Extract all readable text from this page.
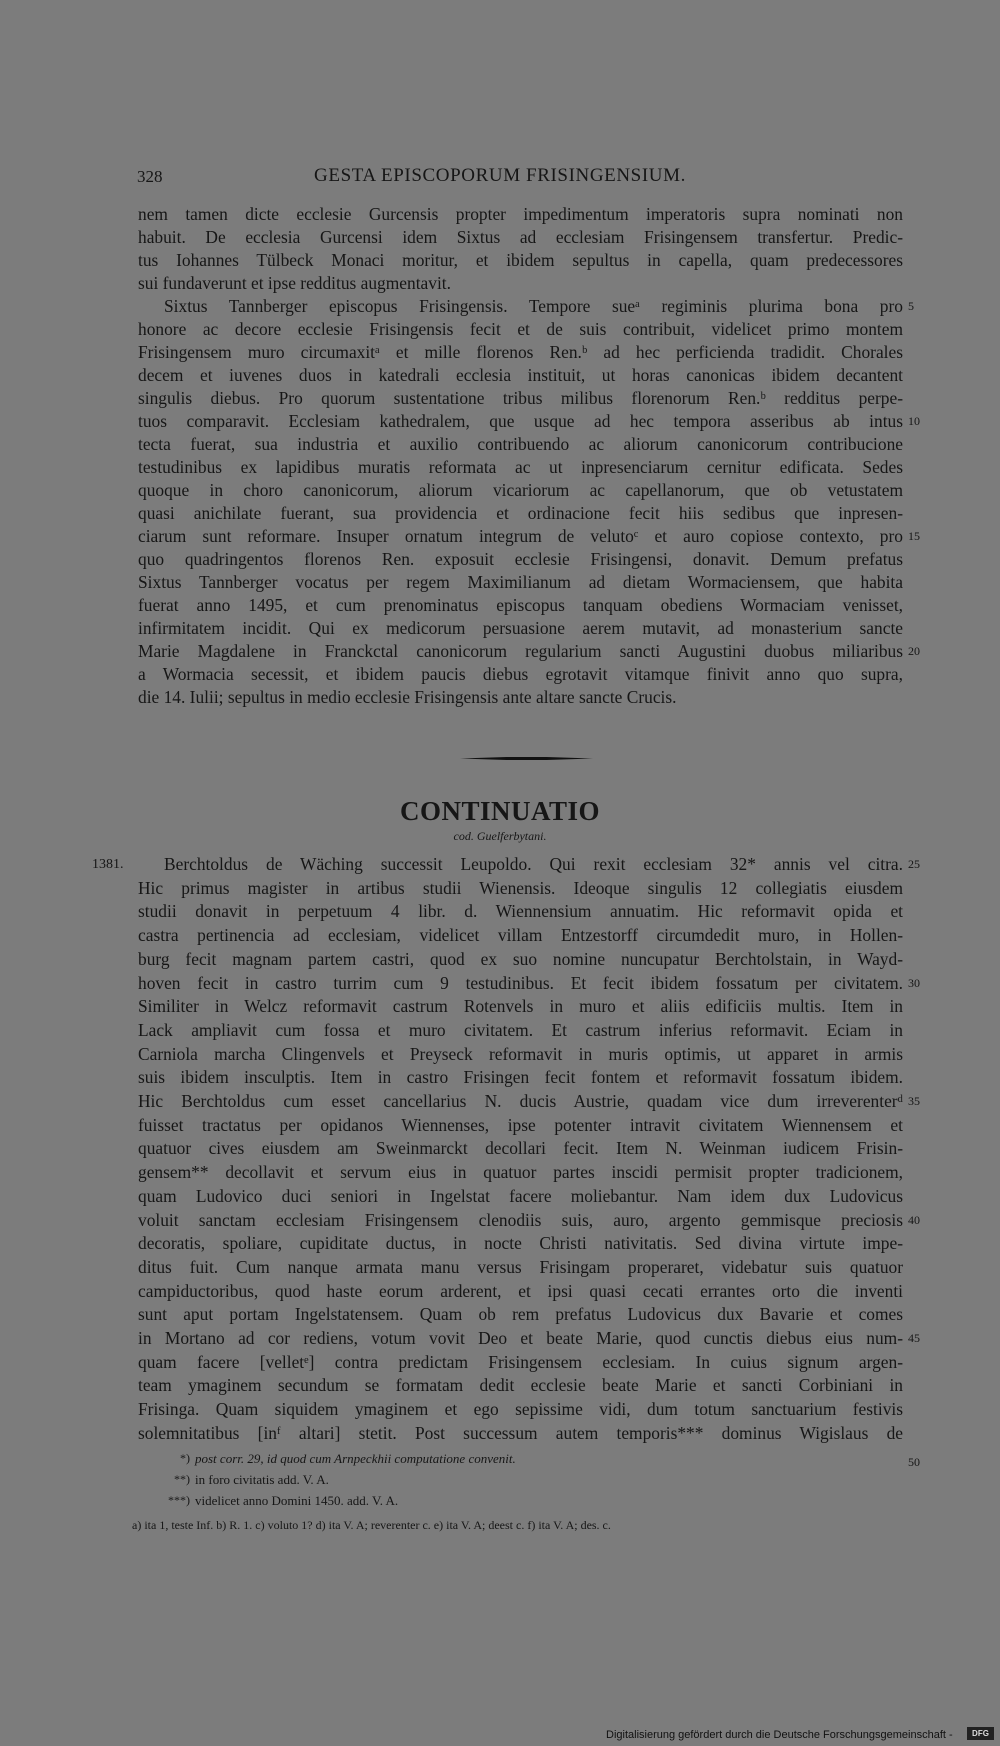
328	GESTA EPISCOPORUM FRISINGENSIUM.
nem tamen dicte ecclesie Gurcensis propter impedimentum imperatoris supra nominati non
habuit. De ecclesia Gurcensi idem Sixtus ad ecclesiam Frisingensem transfertur. Predic-
tus Iohannes Tülbeck Monaci moritur, et ibidem sepultus in capella, quam predecessores
sui fundaverunt et ipse redditus augmentavit.
Sixtus Tannberger episcopus Frisingensis. Tempore sueᵃ regiminis plurima bona pro
honore ac decore ecclesie Frisingensis fecit et de suis contribuit, videlicet primo montem
Frisingensem muro circumaxitᵃ et mille florenos Ren.ᵇ ad hec perficienda tradidit. Chorales
decem et iuvenes duos in katedrali ecclesia instituit, ut horas canonicas ibidem decantent
singulis diebus. Pro quorum sustentatione tribus milibus florenorum Ren.ᵇ redditus perpe-
tuos comparavit. Ecclesiam kathedralem, que usque ad hec tempora asseribus ab intus
tecta fuerat, sua industria et auxilio contribuendo ac aliorum canonicorum contribucione
testudinibus ex lapidibus muratis reformata ac ut inpresenciarum cernitur edificata. Sedes
quoque in choro canonicorum, aliorum vicariorum ac capellanorum, que ob vetustatem
quasi anichilate fuerant, sua providencia et ordinacione fecit hiis sedibus que inpresen-
ciarum sunt reformare. Insuper ornatum integrum de velutoᶜ et auro copiose contexto, pro
quo quadringentos florenos Ren. exposuit ecclesie Frisingensi, donavit. Demum prefatus
Sixtus Tannberger vocatus per regem Maximilianum ad dietam Wormaciensem, que habita
fuerat anno 1495, et cum prenominatus episcopus tanquam obediens Wormaciam venisset,
infirmitatem incidit. Qui ex medicorum persuasione aerem mutavit, ad monasterium sancte
Marie Magdalene in Franckctal canonicorum regularium sancti Augustini duobus miliaribus
a Wormacia secessit, et ibidem paucis diebus egrotavit vitamque finivit anno quo supra,
die 14. Iulii; sepultus in medio ecclesie Frisingensis ante altare sancte Crucis.
5
10
15
20
CONTINUATIO
cod. Guelferbytani.
1381. Berchtoldus de Wäching successit Leupoldo. Qui rexit ecclesiam 32* annis vel citra.
Hic primus magister in artibus studii Wienensis. Ideoque singulis 12 collegiatis eiusdem
studii donavit in perpetuum 4 libr. d. Wiennensium annuatim. Hic reformavit opida et
castra pertinencia ad ecclesiam, videlicet villam Entzestorff circumdedit muro, in Hollen-
burg fecit magnam partem castri, quod ex suo nomine nuncupatur Berchtolstain, in Wayd-
hoven fecit in castro turrim cum 9 testudinibus. Et fecit ibidem fossatum per civitatem.
Similiter in Welcz reformavit castrum Rotenvels in muro et aliis edificiis multis. Item in
Lack ampliavit cum fossa et muro civitatem. Et castrum inferius reformavit. Eciam in
Carniola marcha Clingenvels et Preyseck reformavit in muris optimis, ut apparet in armis
suis ibidem insculptis. Item in castro Frisingen fecit fontem et reformavit fossatum ibidem.
Hic Berchtoldus cum esset cancellarius N. ducis Austrie, quadam vice dum irreverenterᵈ
fuisset tractatus per opidanos Wiennenses, ipse potenter intravit civitatem Wiennensem et
quatuor cives eiusdem am Sweinmarckt decollari fecit. Item N. Weinman iudicem Frisin-
gensem** decollavit et servum eius in quatuor partes inscidi permisit propter tradicionem,
quam Ludovico duci seniori in Ingelstat facere moliebantur. Nam idem dux Ludovicus
voluit sanctam ecclesiam Frisingensem clenodiis suis, auro, argento gemmisque preciosis
decoratis, spoliare, cupiditate ductus, in nocte Christi nativitatis. Sed divina virtute impe-
ditus fuit. Cum nanque armata manu versus Frisingam properaret, videbatur suis quatuor
campiductoribus, quod haste eorum arderent, et ipsi quasi cecati errantes orto die inventi
sunt aput portam Ingelstatensem. Quam ob rem prefatus Ludovicus dux Bavarie et comes
in Mortano ad cor rediens, votum vovit Deo et beate Marie, quod cunctis diebus eius num-
quam facere [velletᵉ] contra predictam Frisingensem ecclesiam. In cuius signum argen-
team ymaginem secundum se formatam dedit ecclesie beate Marie et sancti Corbiniani in
Frisinga. Quam siquidem ymaginem et ego sepissime vidi, dum totum sanctuarium festivis
solemnitatibus [inᶠ altari] stetit. Post successum autem temporis*** dominus Wigislaus de
25
30
35
40
45
50
*) post corr. 29, id quod cum Arnpeckhii computatione convenit.
**) in foro civitatis add. V. A.
***) videlicet anno Domini 1450. add. V. A.
a) ita 1, teste Inf. b) R. 1. c) voluto 1? d) ita V. A; reverenter c. e) ita V. A; deest c. f) ita V. A; des. c.
Digitalisierung gefördert durch die Deutsche Forschungsgemeinschaft -	DFG
